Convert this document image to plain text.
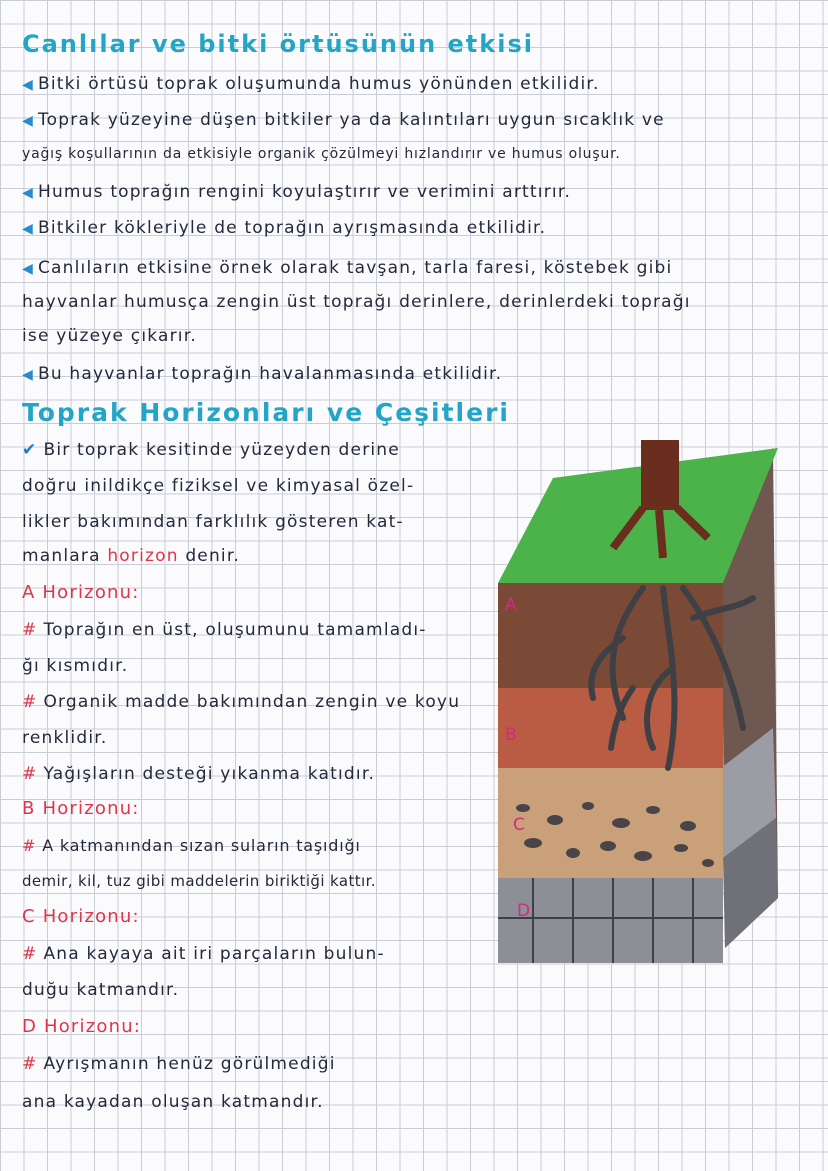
Canlılar ve bitki örtüsünün etkisi
◀ Bitki örtüsü toprak oluşumunda humus yönünden etkilidir.
◀ Toprak yüzeyine düşen bitkiler ya da kalıntıları uygun sıcaklık ve
yağış koşullarının da etkisiyle organik çözülmeyi hızlandırır ve humus oluşur.
◀ Humus toprağın rengini koyulaştırır ve verimini arttırır.
◀ Bitkiler kökleriyle de toprağın ayrışmasında etkilidir.
◀ Canlıların etkisine örnek olarak tavşan, tarla faresi, köstebek gibi
hayvanlar humusça zengin üst toprağı derinlere, derinlerdeki toprağı
ise yüzeye çıkarır.
◀ Bu hayvanlar toprağın havalanmasında etkilidir.
Toprak Horizonları ve Çeşitleri
✔ Bir toprak kesitinde yüzeyden derine
doğru inildikçe fiziksel ve kimyasal özel-
likler bakımından farklılık gösteren kat-
manlara horizon denir.
A Horizonu:
# Toprağın en üst, oluşumunu tamamladı-
ğı kısmıdır.
# Organik madde bakımından zengin ve koyu
renklidir.
# Yağışların desteği yıkanma katıdır.
B Horizonu:
# A katmanından sızan suların taşıdığı
demir, kil, tuz gibi maddelerin biriktiği kattır.
C Horizonu:
# Ana kayaya ait iri parçaların bulun-
duğu katmandır.
D Horizonu:
# Ayrışmanın henüz görülmediği
ana kayadan oluşan katmandır.
A
B
C
D
